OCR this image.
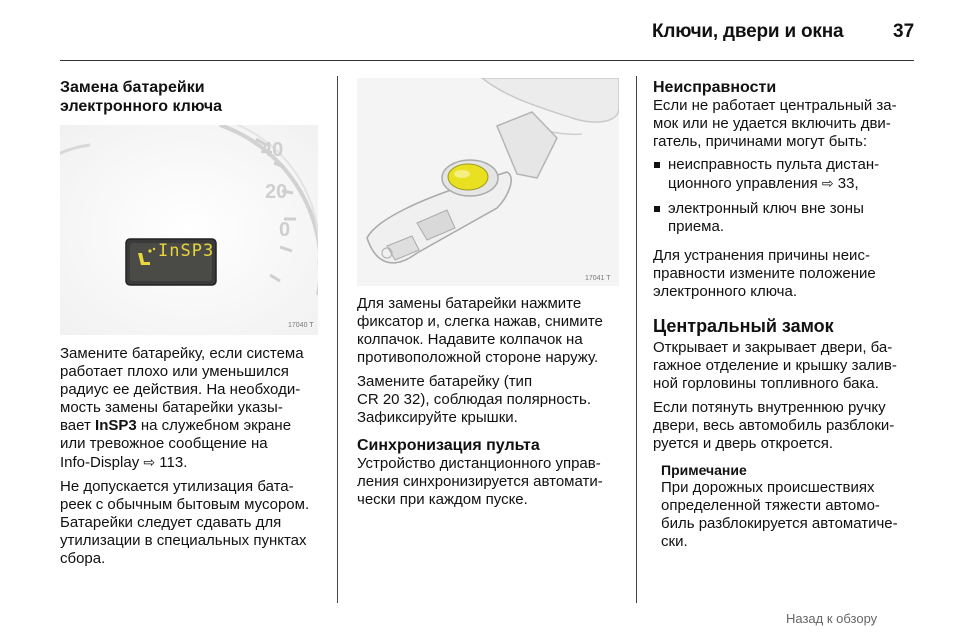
Ключи, двери и окна	37
Замена батарейки
электронного ключа
InSP3
40
20
0
17040 T

Замените батарейку, если система

работает плохо или уменьшился

радиус ее действия. На необходи-

мость замены батарейки указы-

вает InSP3 на служебном экране

или тревожное сообщение на

Info-Display ⇨ 113.

Не допускается утилизация бата-

реек с обычным бытовым мусором.

Батарейки следует сдавать для

утилизации в специальных пунктах

сбора.

17041 T

Для замены батарейки нажмите

фиксатор и, слегка нажав, снимите

колпачок. Надавите колпачок на

противоположной стороне наружу.

Замените батарейку (тип

CR 20 32), соблюдая полярность.

Зафиксируйте крышки.

Синхронизация пульта

Устройство дистанционного управ-

ления синхронизируется автомати-

чески при каждом пуске.

Неисправности

Если не работает центральный за-

мок или не удается включить дви-

гатель, причинами могут быть:

неисправность пульта дистан-

ционного управления ⇨ 33,

электронный ключ вне зоны

приема.

Для устранения причины неис-

правности измените положение

электронного ключа.

Центральный замок

Открывает и закрывает двери, ба-

гажное отделение и крышку залив-

ной горловины топливного бака.

Если потянуть внутреннюю ручку

двери, весь автомобиль разблоки-

руется и дверь откроется.

Примечание

При дорожных происшествиях

определенной тяжести автомо-

биль разблокируется автоматиче-

ски.

Назад к обзору
